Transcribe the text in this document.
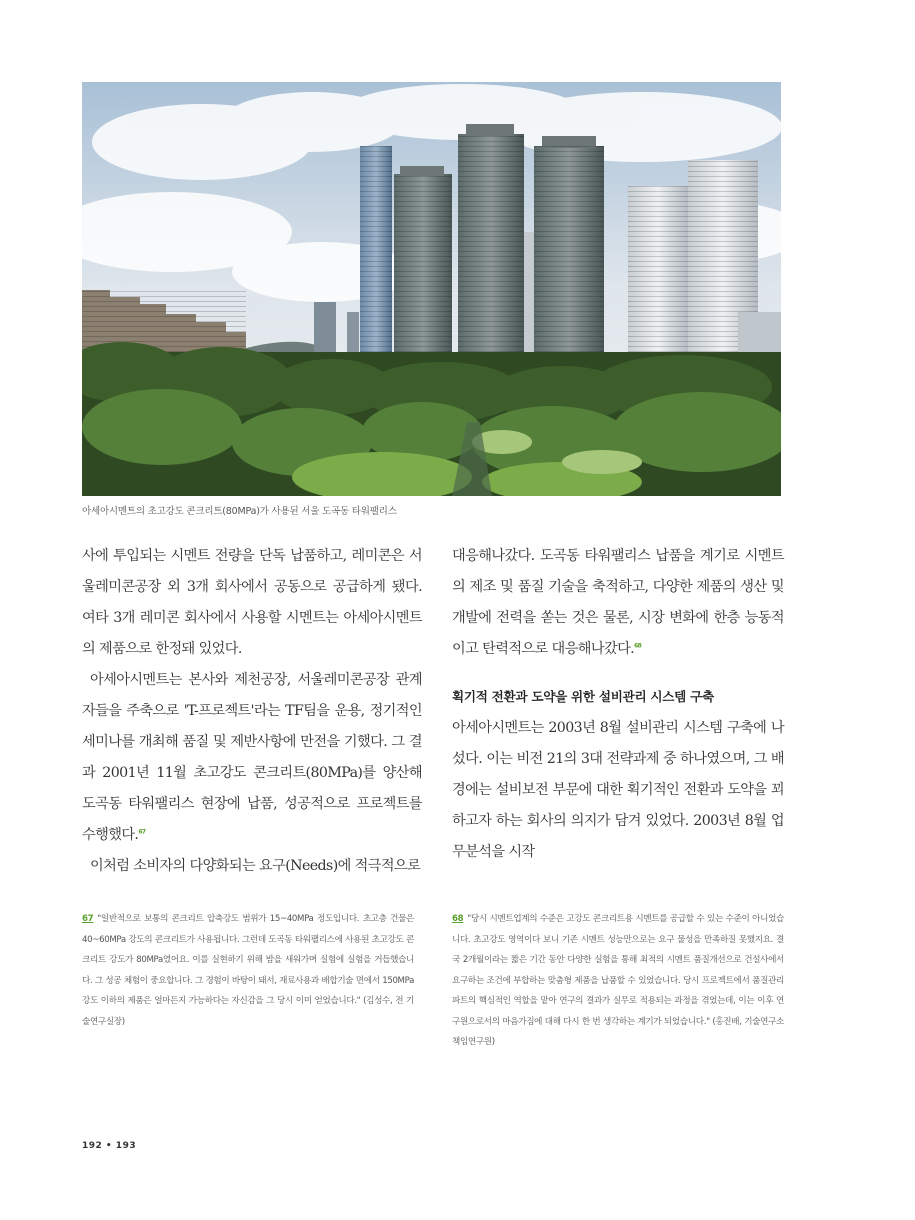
아세아시멘트의 초고강도 콘크리트(80MPa)가 사용된 서울 도곡동 타워팰리스

사에 투입되는 시멘트 전량을 단독 납품하고, 레미콘은 서울레미콘공장 외 3개 회사에서 공동으로 공급하게 됐다. 여타 3개 레미콘 회사에서 사용할 시멘트는 아세아시멘트의 제품으로 한정돼 있었다.

아세아시멘트는 본사와 제천공장, 서울레미콘공장 관계자들을 주축으로 'T-프로젝트'라는 TF팀을 운용, 정기적인 세미나를 개최해 품질 및 제반사항에 만전을 기했다. 그 결과 2001년 11월 초고강도 콘크리트(80MPa)를 양산해 도곡동 타워팰리스 현장에 납품, 성공적으로 프로젝트를 수행했다.$^{67}$

이처럼 소비자의 다양화되는 요구(Needs)에 적극적으로

대응해나갔다. 도곡동 타워팰리스 납품을 계기로 시멘트의 제조 및 품질 기술을 축적하고, 다양한 제품의 생산 및 개발에 전력을 쏟는 것은 물론, 시장 변화에 한층 능동적이고 탄력적으로 대응해나갔다.$^{68}$

획기적 전환과 도약을 위한 설비관리 시스템 구축

아세아시멘트는 2003년 8월 설비관리 시스템 구축에 나섰다. 이는 비전 21의 3대 전략과제 중 하나였으며, 그 배경에는 설비보전 부문에 대한 획기적인 전환과 도약을 꾀하고자 하는 회사의 의지가 담겨 있었다. 2003년 8월 업무분석을 시작

67 "일반적으로 보통의 콘크리트 압축강도 범위가 15~40MPa 정도입니다. 초고층 건물은 40~60MPa 강도의 콘크리트가 사용됩니다. 그런데 도곡동 타워팰리스에 사용된 초고강도 콘크리트 강도가 80MPa였어요. 이를 실현하기 위해 밤을 새워가며 실험에 실험을 거듭했습니다. 그 성공 체험이 중요합니다. 그 경험이 바탕이 돼서, 재료사용과 배합기술 면에서 150MPa강도 이하의 제품은 얼마든지 가능하다는 자신감을 그 당시 이미 얻었습니다." (김성수, 전 기술연구실장)
68 "당시 시멘트업계의 수준은 고강도 콘크리트용 시멘트를 공급할 수 있는 수준이 아니었습니다. 초고강도 영역이다 보니 기존 시멘트 성능만으로는 요구 물성을 만족하질 못했지요. 결국 2개월이라는 짧은 기간 동안 다양한 실험을 통해 최적의 시멘트 품질개선으로 건설사에서 요구하는 조건에 부합하는 맞춤형 제품을 납품할 수 있었습니다. 당시 프로젝트에서 품질관리 파트의 핵심적인 역할을 맡아 연구의 결과가 실무로 적용되는 과정을 겪었는데, 이는 이후 연구원으로서의 마음가짐에 대해 다시 한 번 생각하는 계기가 되었습니다." (홍진배, 기술연구소 책임연구원)
192 • 193
